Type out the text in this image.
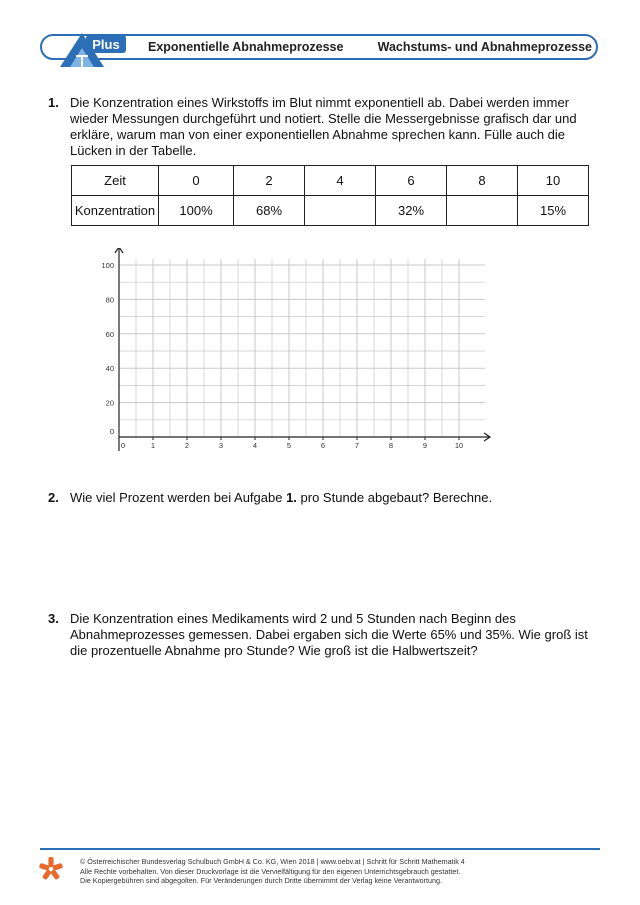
Plus Exponentielle Abnahmeprozesse	Wachstums- und Abnahmeprozesse
1. Die Konzentration eines Wirkstoffs im Blut nimmt exponentiell ab. Dabei werden immer wieder Messungen durchgeführt und notiert. Stelle die Messergebnisse grafisch dar und erkläre, warum man von einer exponentiellen Abnahme sprechen kann. Fülle auch die Lücken in der Tabelle.
Zeit	0	2	4	6	8	10
Konzentration	100%	68%		32%		15%
0	1	2	3	4	5	6	7	8	9	10
0
20
40
60
80
100
2. Wie viel Prozent werden bei Aufgabe 1. pro Stunde abgebaut? Berechne.
3. Die Konzentration eines Medikaments wird 2 und 5 Stunden nach Beginn des Abnahmeprozesses gemessen. Dabei ergaben sich die Werte 65% und 35%. Wie groß ist die prozentuelle Abnahme pro Stunde? Wie groß ist die Halbwertszeit?
© Österreichischer Bundesverlag Schulbuch GmbH & Co. KG, Wien 2018 | www.oebv.at | Schritt für Schritt Mathematik 4
Alle Rechte vorbehalten. Von dieser Druckvorlage ist die Vervielfältigung für den eigenen Unterrichtsgebrauch gestattet.
Die Kopiergebühren sind abgegolten. Für Veränderungen durch Dritte übernimmt der Verlag keine Verantwortung.
